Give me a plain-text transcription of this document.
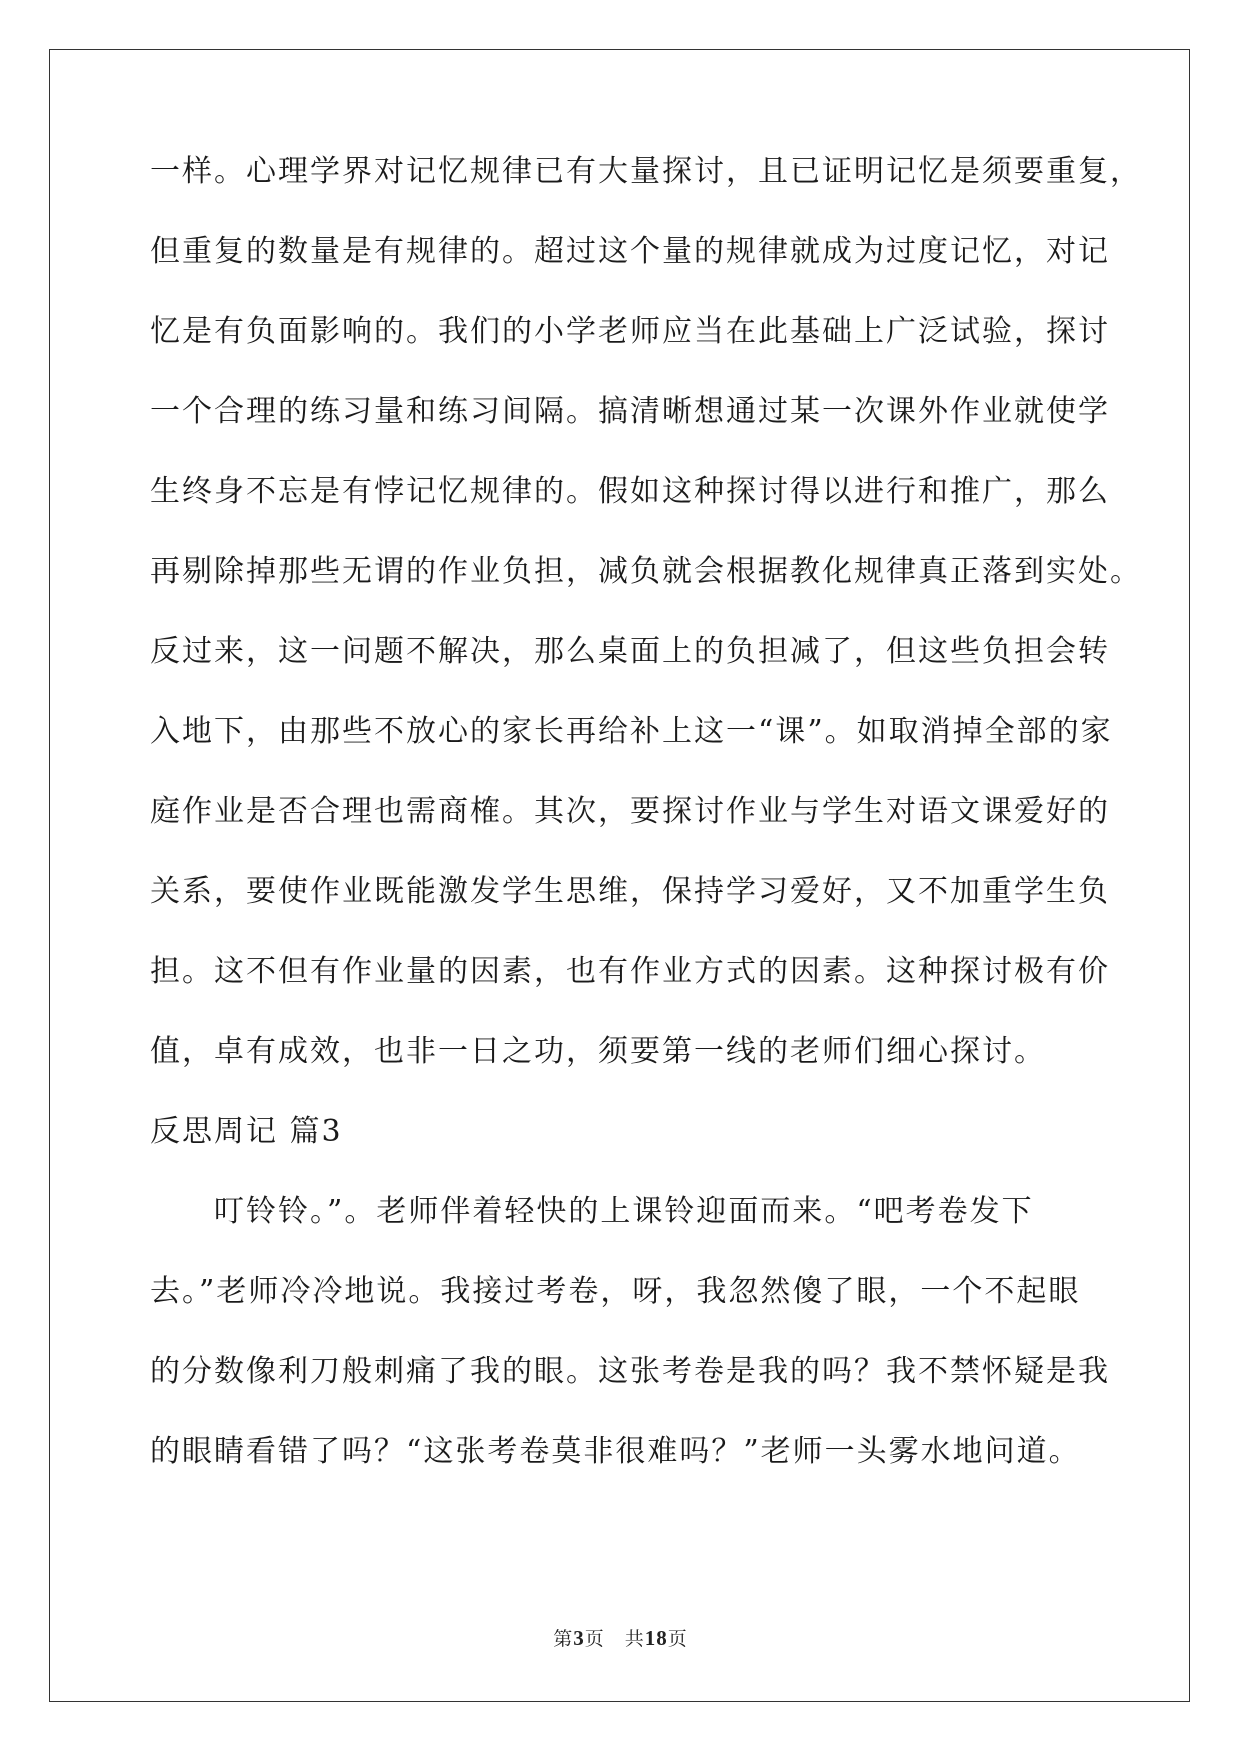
一样。心理学界对记忆规律已有大量探讨，且已证明记忆是须要重复，
但重复的数量是有规律的。超过这个量的规律就成为过度记忆，对记
忆是有负面影响的。我们的小学老师应当在此基础上广泛试验，探讨
一个合理的练习量和练习间隔。搞清晰想通过某一次课外作业就使学
生终身不忘是有悖记忆规律的。假如这种探讨得以进行和推广，那么
再剔除掉那些无谓的作业负担，减负就会根据教化规律真正落到实处。
反过来，这一问题不解决，那么桌面上的负担减了，但这些负担会转
入地下，由那些不放心的家长再给补上这一“课”。如取消掉全部的家
庭作业是否合理也需商榷。其次，要探讨作业与学生对语文课爱好的
关系，要使作业既能激发学生思维，保持学习爱好，又不加重学生负
担。这不但有作业量的因素，也有作业方式的因素。这种探讨极有价
值，卓有成效，也非一日之功，须要第一线的老师们细心探讨。
反思周记 篇3
叮铃铃。”。老师伴着轻快的上课铃迎面而来。“吧考卷发下
去。”老师冷冷地说。我接过考卷，呀，我忽然傻了眼，一个不起眼
的分数像利刀般刺痛了我的眼。这张考卷是我的吗？我不禁怀疑是我
的眼睛看错了吗？“这张考卷莫非很难吗？”老师一头雾水地问道。
第3页 共18页
